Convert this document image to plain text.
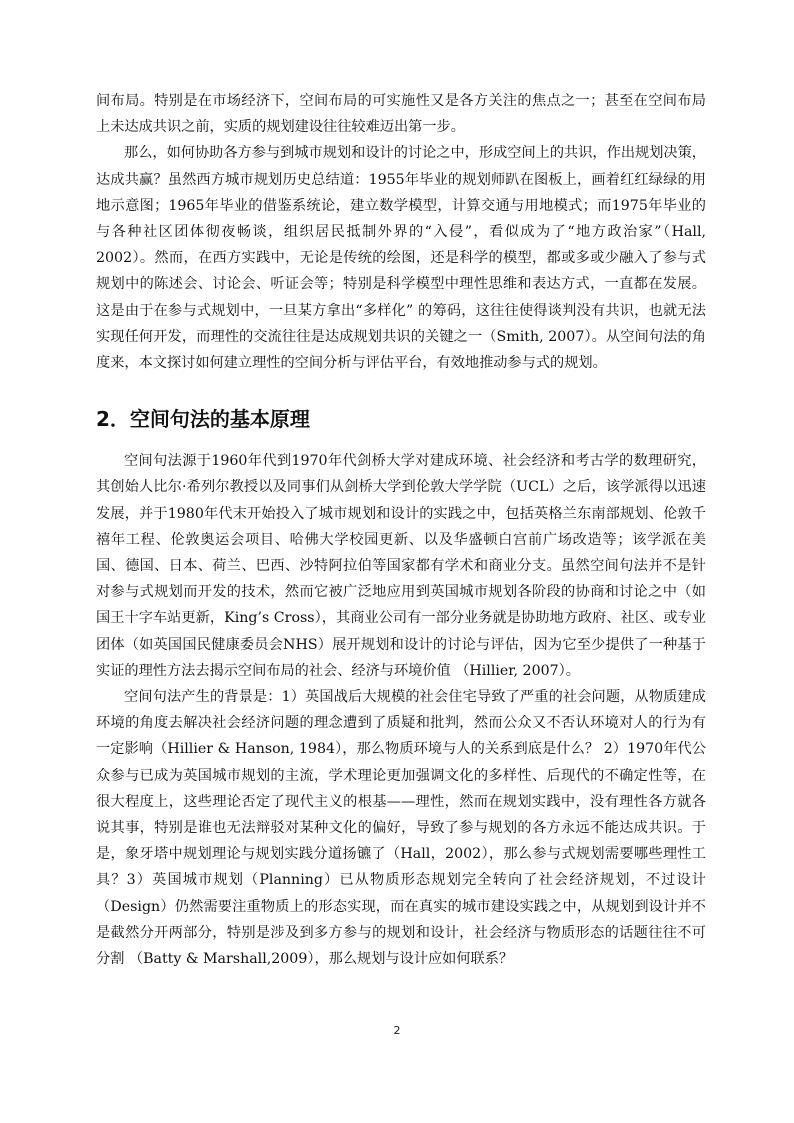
间布局。特别是在市场经济下，空间布局的可实施性又是各方关注的焦点之一；甚至在空间布局上未达成共识之前，实质的规划建设往往较难迈出第一步。

那么，如何协助各方参与到城市规划和设计的讨论之中，形成空间上的共识，作出规划决策，达成共赢？虽然西方城市规划历史总结道：1955年毕业的规划师趴在图板上，画着红红绿绿的用地示意图；1965年毕业的借鉴系统论，建立数学模型，计算交通与用地模式；而1975年毕业的与各种社区团体彻夜畅谈，组织居民抵制外界的“入侵”，看似成为了“地方政治家”（Hall, 2002）。然而，在西方实践中，无论是传统的绘图，还是科学的模型，都或多或少融入了参与式规划中的陈述会、讨论会、听证会等；特别是科学模型中理性思维和表达方式，一直都在发展。这是由于在参与式规划中，一旦某方拿出“多样化” 的筹码，这往往使得谈判没有共识，也就无法实现任何开发，而理性的交流往往是达成规划共识的关键之一（Smith, 2007）。从空间句法的角度来，本文探讨如何建立理性的空间分析与评估平台，有效地推动参与式的规划。

2．空间句法的基本原理

空间句法源于1960年代到1970年代剑桥大学对建成环境、社会经济和考古学的数理研究，其创始人比尔·希列尔教授以及同事们从剑桥大学到伦敦大学学院（UCL）之后，该学派得以迅速发展，并于1980年代末开始投入了城市规划和设计的实践之中，包括英格兰东南部规划、伦敦千禧年工程、伦敦奥运会项目、哈佛大学校园更新、以及华盛顿白宫前广场改造等；该学派在美国、德国、日本、荷兰、巴西、沙特阿拉伯等国家都有学术和商业分支。虽然空间句法并不是针对参与式规划而开发的技术，然而它被广泛地应用到英国城市规划各阶段的协商和讨论之中（如国王十字车站更新，King’s Cross），其商业公司有一部分业务就是协助地方政府、社区、或专业团体（如英国国民健康委员会NHS）展开规划和设计的讨论与评估，因为它至少提供了一种基于实证的理性方法去揭示空间布局的社会、经济与环境价值 （Hillier, 2007）。

空间句法产生的背景是：1）英国战后大规模的社会住宅导致了严重的社会问题，从物质建成环境的角度去解决社会经济问题的理念遭到了质疑和批判，然而公众又不否认环境对人的行为有一定影响（Hillier & Hanson, 1984），那么物质环境与人的关系到底是什么？ 2）1970年代公众参与已成为英国城市规划的主流，学术理论更加强调文化的多样性、后现代的不确定性等，在很大程度上，这些理论否定了现代主义的根基——理性，然而在规划实践中，没有理性各方就各说其事，特别是谁也无法辩驳对某种文化的偏好，导致了参与规划的各方永远不能达成共识。于是，象牙塔中规划理论与规划实践分道扬镳了（Hall，2002），那么参与式规划需要哪些理性工具？3）英国城市规划（Planning）已从物质形态规划完全转向了社会经济规划，不过设计（Design）仍然需要注重物质上的形态实现，而在真实的城市建设实践之中，从规划到设计并不是截然分开两部分，特别是涉及到多方参与的规划和设计，社会经济与物质形态的话题往往不可分割 （Batty & Marshall,2009），那么规划与设计应如何联系？

2
